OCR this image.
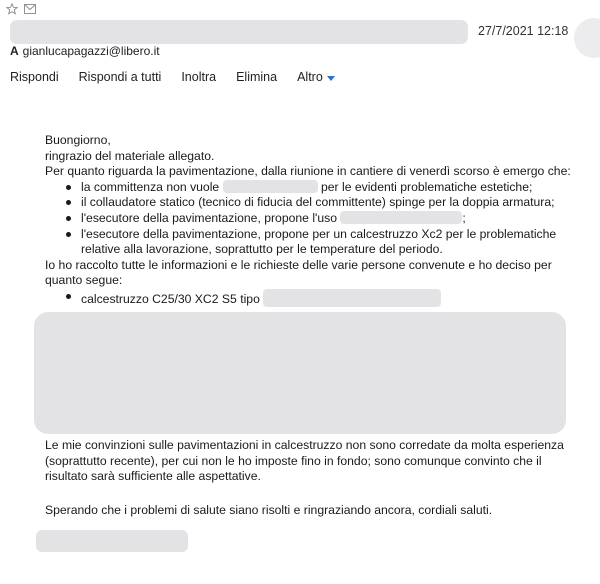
27/7/2021 12:18
A gianlucapagazzi@libero.it
Rispondi Rispondi a tutti Inoltra Elimina Altro

Buongiorno,

ringrazio del materiale allegato.

Per quanto riguarda la pavimentazione, dalla riunione in cantiere di venerdì scorso è emergo che:

la committenza non vuole	per le evidenti problematiche estetiche;
il collaudatore statico (tecnico di fiducia del committente) spinge per la doppia armatura;
l'esecutore della pavimentazione, propone l'uso	;
l'esecutore della pavimentazione, propone per un calcestruzzo Xc2 per le problematiche relative alla lavorazione, soprattutto per le temperature del periodo.

Io ho raccolto tutte le informazioni e le richieste delle varie persone convenute e ho deciso per quanto segue:

calcestruzzo C25/30 XC2 S5 tipo

Le mie convinzioni sulle pavimentazioni in calcestruzzo non sono corredate da molta esperienza (soprattutto recente), per cui non le ho imposte fino in fondo; sono comunque convinto che il risultato sarà sufficiente alle aspettative.

Sperando che i problemi di salute siano risolti e ringraziando ancora, cordiali saluti.
